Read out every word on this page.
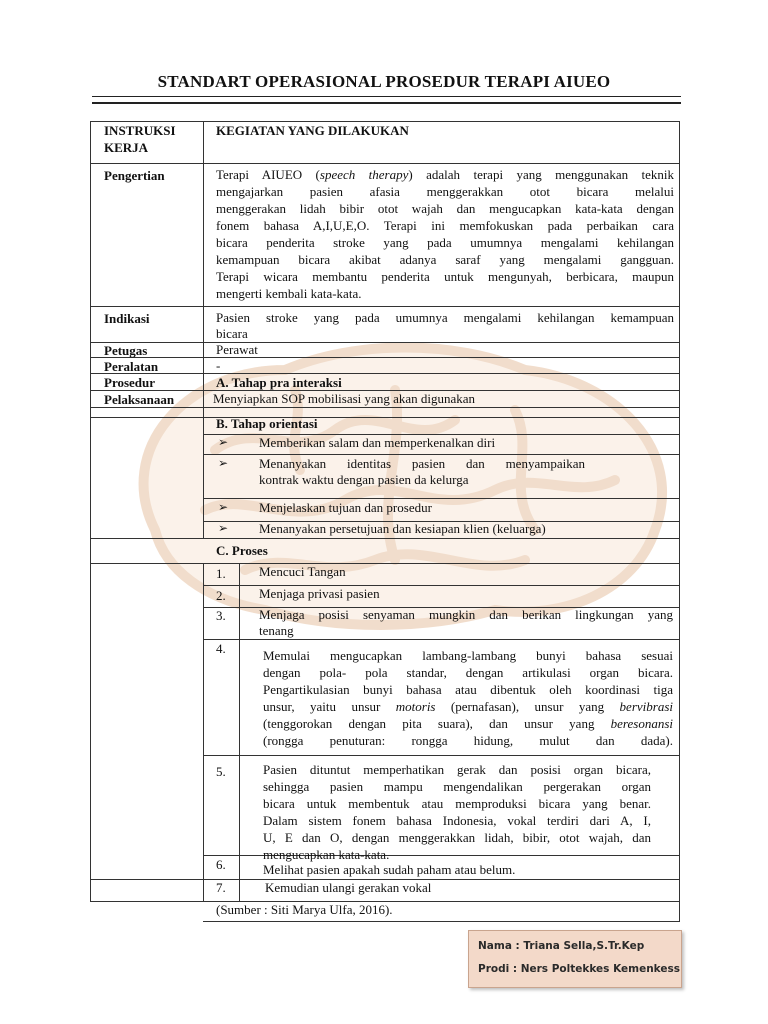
STANDART OPERASIONAL PROSEDUR TERAPI AIUEO
INSTRUKSI
KERJA
KEGIATAN YANG DILAKUKAN
Pengertian	Terapi AIUEO (speech therapy) adalah terapi yang menggunakan teknik
mengajarkan pasien afasia menggerakkan otot bicara melalui
menggerakan lidah bibir otot wajah dan mengucapkan kata-kata dengan
fonem bahasa A,I,U,E,O. Terapi ini memfokuskan pada perbaikan cara
bicara penderita stroke yang pada umumnya mengalami kehilangan
kemampuan bicara akibat adanya saraf yang mengalami gangguan.
Terapi wicara membantu penderita untuk mengunyah, berbicara, maupun
mengerti kembali kata-kata.
Indikasi	Pasien stroke yang pada umumnya mengalami kehilangan kemampuan
bicara
Petugas	Perawat
Peralatan	-
Prosedur	A. Tahap pra interaksi
Pelaksanaan	Menyiapkan SOP mobilisasi yang akan digunakan
B. Tahap orientasi
➢ Memberikan salam dan memperkenalkan diri
➢ Menanyakan identitas pasien dan menyampaikan
kontrak waktu dengan pasien da kelurga
➢ Menjelaskan tujuan dan prosedur
➢ Menanyakan persetujuan dan kesiapan klien (keluarga)
C. Proses
1.	Mencuci Tangan
2.	Menjaga privasi pasien
3.	Menjaga posisi senyaman mungkin dan berikan lingkungan yang
tenang
4.	Memulai mengucapkan lambang-lambang bunyi bahasa sesuai
dengan pola- pola standar, dengan artikulasi organ bicara.
Pengartikulasian bunyi bahasa atau dibentuk oleh koordinasi tiga
unsur, yaitu unsur motoris (pernafasan), unsur yang bervibrasi
(tenggorokan dengan pita suara), dan unsur yang beresonansi
(rongga penuturan: rongga hidung, mulut dan dada).
5.	Pasien dituntut memperhatikan gerak dan posisi organ bicara,
sehingga pasien mampu mengendalikan pergerakan organ
bicara untuk membentuk atau memproduksi bicara yang benar.
Dalam sistem fonem bahasa Indonesia, vokal terdiri dari A, I,
U, E dan O, dengan menggerakkan lidah, bibir, otot wajah, dan
mengucapkan kata-kata.
6.	Melihat pasien apakah sudah paham atau belum.
7.	Kemudian ulangi gerakan vokal
(Sumber : Siti Marya Ulfa, 2016).
Nama : Triana Sella,S.Tr.Kep
Prodi : Ners Poltekkes Kemenkess
